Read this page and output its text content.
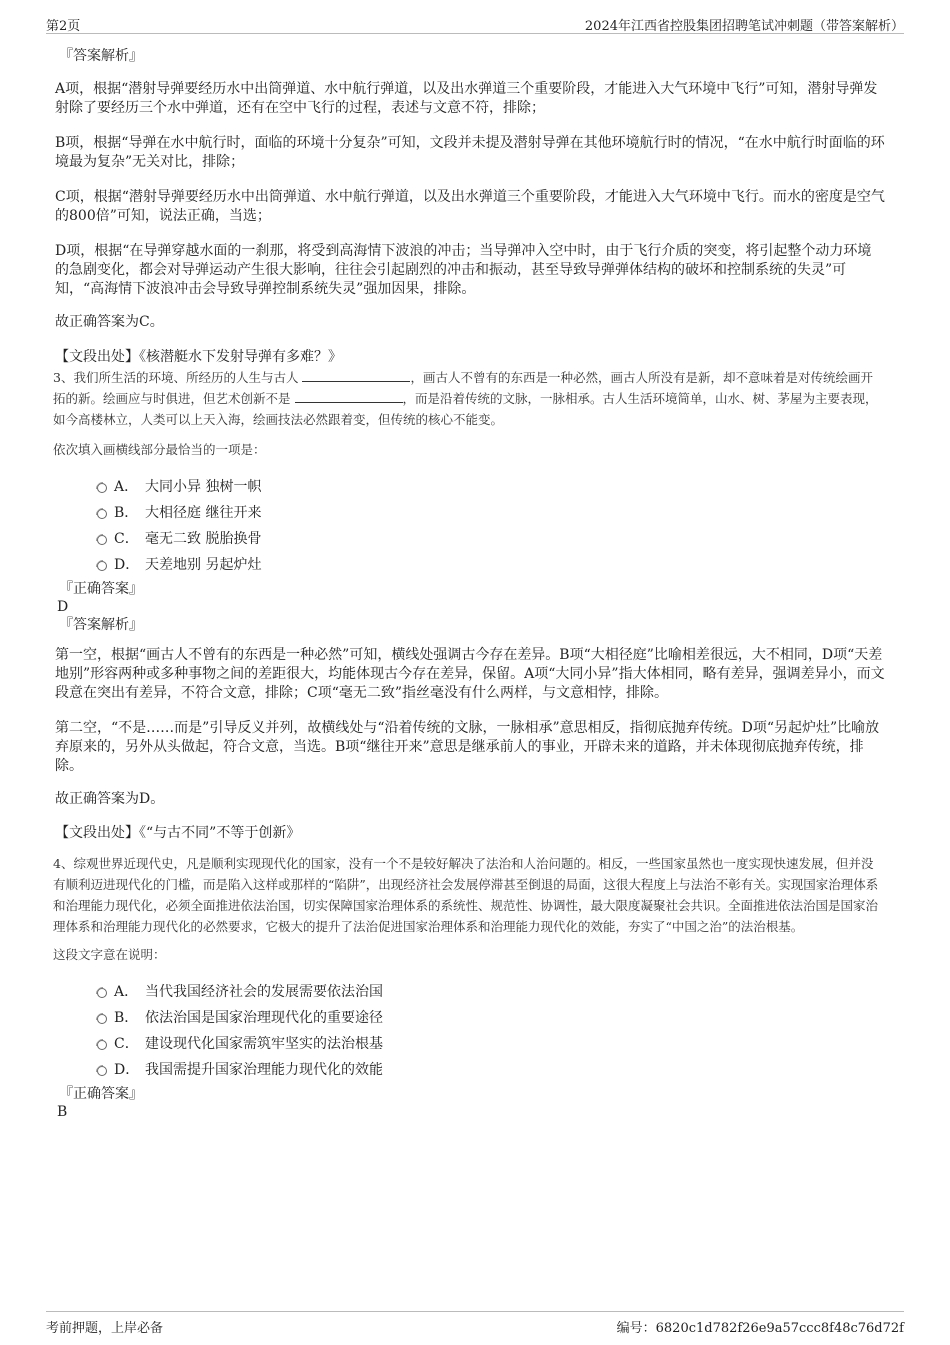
第2页	2024年江西省控股集团招聘笔试冲刺题（带答案解析）

『答案解析』

A项，根据“潜射导弹要经历水中出筒弹道、水中航行弹道，以及出水弹道三个重要阶段，才能进入大气环境中飞行”可知，潜射导弹发射除了要经历三个水中弹道，还有在空中飞行的过程，表述与文意不符，排除；

B项，根据“导弹在水中航行时，面临的环境十分复杂”可知，文段并未提及潜射导弹在其他环境航行时的情况，“在水中航行时面临的环境最为复杂”无关对比，排除；

C项，根据“潜射导弹要经历水中出筒弹道、水中航行弹道，以及出水弹道三个重要阶段，才能进入大气环境中飞行。而水的密度是空气的800倍”可知，说法正确，当选；

D项，根据“在导弹穿越水面的一刹那，将受到高海情下波浪的冲击；当导弹冲入空中时，由于飞行介质的突变，将引起整个动力环境的急剧变化，都会对导弹运动产生很大影响，往往会引起剧烈的冲击和振动，甚至导致导弹弹体结构的破坏和控制系统的失灵”可知，“高海情下波浪冲击会导致导弹控制系统失灵”强加因果，排除。

故正确答案为C。

【文段出处】《核潜艇水下发射导弹有多难？》

3、我们所生活的环境、所经历的人生与古人	，画古人不曾有的东西是一种必然，画古人所没有是新，却不意味着是对传统绘画开拓的新。绘画应与时俱进，但艺术创新不是	，而是沿着传统的文脉，一脉相承。古人生活环境简单，山水、树、茅屋为主要表现，如今高楼林立，人类可以上天入海，绘画技法必然跟着变，但传统的核心不能变。

依次填入画横线部分最恰当的一项是：

A． 大同小异 独树一帜
B． 大相径庭 继往开来
C． 毫无二致 脱胎换骨
D． 天差地别 另起炉灶

『正确答案』

D

『答案解析』

第一空，根据“画古人不曾有的东西是一种必然”可知，横线处强调古今存在差异。B项“大相径庭”比喻相差很远，大不相同，D项“天差地别”形容两种或多种事物之间的差距很大，均能体现古今存在差异，保留。A项“大同小异”指大体相同，略有差异，强调差异小，而文段意在突出有差异，不符合文意，排除；C项“毫无二致”指丝毫没有什么两样，与文意相悖，排除。

第二空，“不是……而是”引导反义并列，故横线处与“沿着传统的文脉，一脉相承”意思相反，指彻底抛弃传统。D项“另起炉灶”比喻放弃原来的，另外从头做起，符合文意，当选。B项“继往开来”意思是继承前人的事业，开辟未来的道路，并未体现彻底抛弃传统，排除。

故正确答案为D。

【文段出处】《“与古不同”不等于创新》

4、综观世界近现代史，凡是顺利实现现代化的国家，没有一个不是较好解决了法治和人治问题的。相反，一些国家虽然也一度实现快速发展，但并没有顺利迈进现代化的门槛，而是陷入这样或那样的“陷阱”，出现经济社会发展停滞甚至倒退的局面，这很大程度上与法治不彰有关。实现国家治理体系和治理能力现代化，必须全面推进依法治国，切实保障国家治理体系的系统性、规范性、协调性，最大限度凝聚社会共识。全面推进依法治国是国家治理体系和治理能力现代化的必然要求，它极大的提升了法治促进国家治理体系和治理能力现代化的效能，夯实了“中国之治”的法治根基。

这段文字意在说明：

A． 当代我国经济社会的发展需要依法治国
B． 依法治国是国家治理现代化的重要途径
C． 建设现代化国家需筑牢坚实的法治根基
D． 我国需提升国家治理能力现代化的效能

『正确答案』

B

考前押题，上岸必备	编号：6820c1d782f26e9a57ccc8f48c76d72f
